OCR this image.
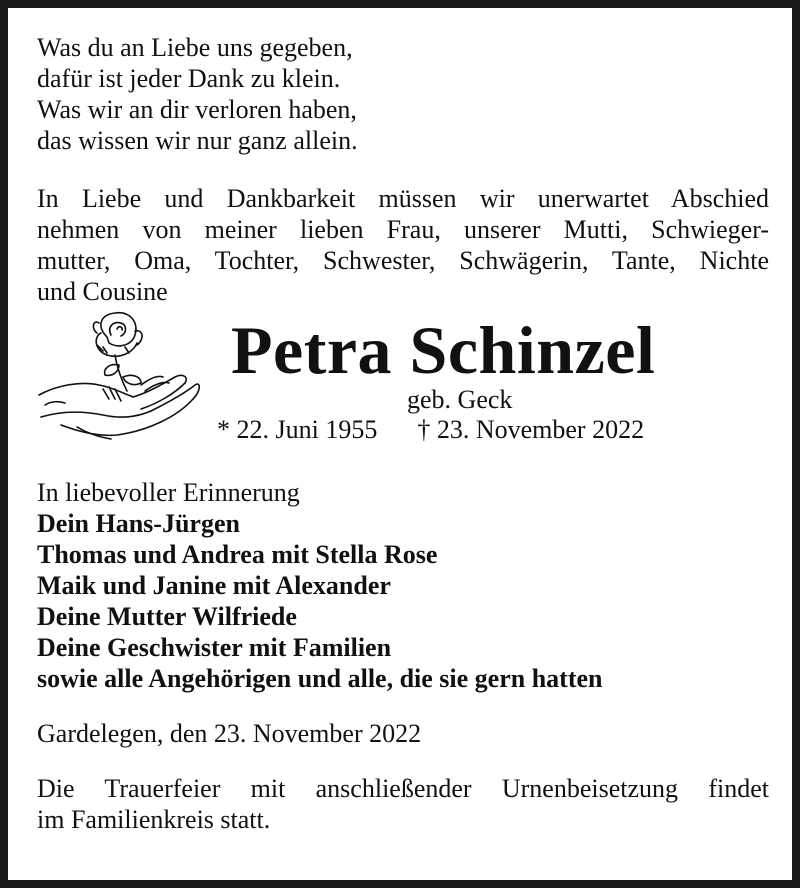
Was du an Liebe uns gegeben,
dafür ist jeder Dank zu klein.
Was wir an dir verloren haben,
das wissen wir nur ganz allein.
In Liebe und Dankbarkeit müssen wir unerwartet Abschied
nehmen von meiner lieben Frau, unserer Mutti, Schwieger-
mutter, Oma, Tochter, Schwester, Schwägerin, Tante, Nichte
und Cousine
Petra Schinzel
geb. Geck
* 22. Juni 1955 † 23. November 2022
In liebevoller Erinnerung
Dein Hans-Jürgen
Thomas und Andrea mit Stella Rose
Maik und Janine mit Alexander
Deine Mutter Wilfriede
Deine Geschwister mit Familien
sowie alle Angehörigen und alle, die sie gern hatten
Gardelegen, den 23. November 2022
Die Trauerfeier mit anschließender Urnenbeisetzung findet
im Familienkreis statt.
